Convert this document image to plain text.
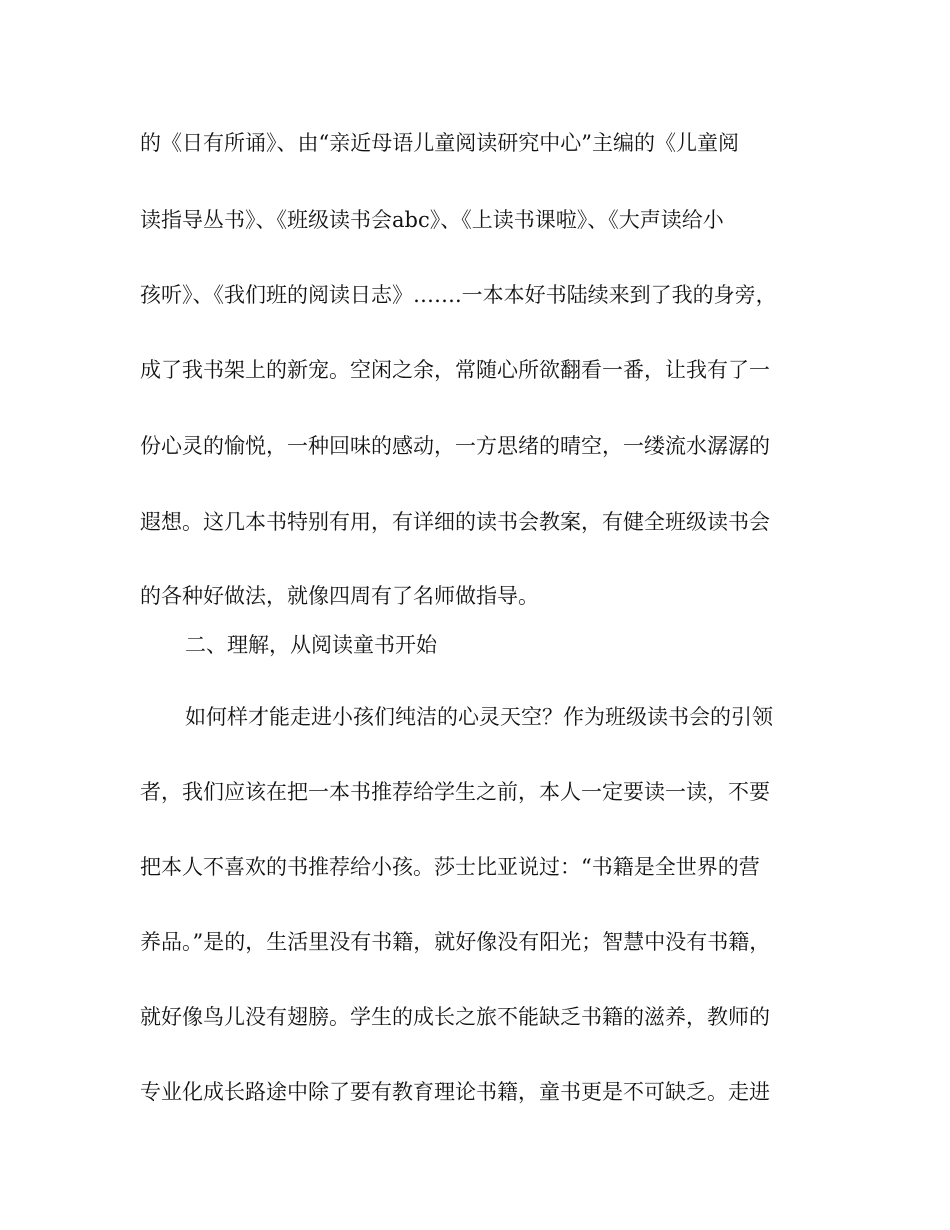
的《日有所诵》、由“亲近母语儿童阅读研究中心”主编的《儿童阅
读指导丛书》、《班级读书会abc》、《上读书课啦》、《大声读给小
孩听》、《我们班的阅读日志》…….一本本好书陆续来到了我的身旁，
成了我书架上的新宠。空闲之余，常随心所欲翻看一番，让我有了一
份心灵的愉悦，一种回味的感动，一方思绪的晴空，一缕流水潺潺的
遐想。这几本书特别有用，有详细的读书会教案，有健全班级读书会
的各种好做法，就像四周有了名师做指导。
二、理解，从阅读童书开始
如何样才能走进小孩们纯洁的心灵天空？作为班级读书会的引领
者，我们应该在把一本书推荐给学生之前，本人一定要读一读，不要
把本人不喜欢的书推荐给小孩。莎士比亚说过：“书籍是全世界的营
养品。”是的，生活里没有书籍，就好像没有阳光；智慧中没有书籍，
就好像鸟儿没有翅膀。学生的成长之旅不能缺乏书籍的滋养，教师的
专业化成长路途中除了要有教育理论书籍，童书更是不可缺乏。走进
